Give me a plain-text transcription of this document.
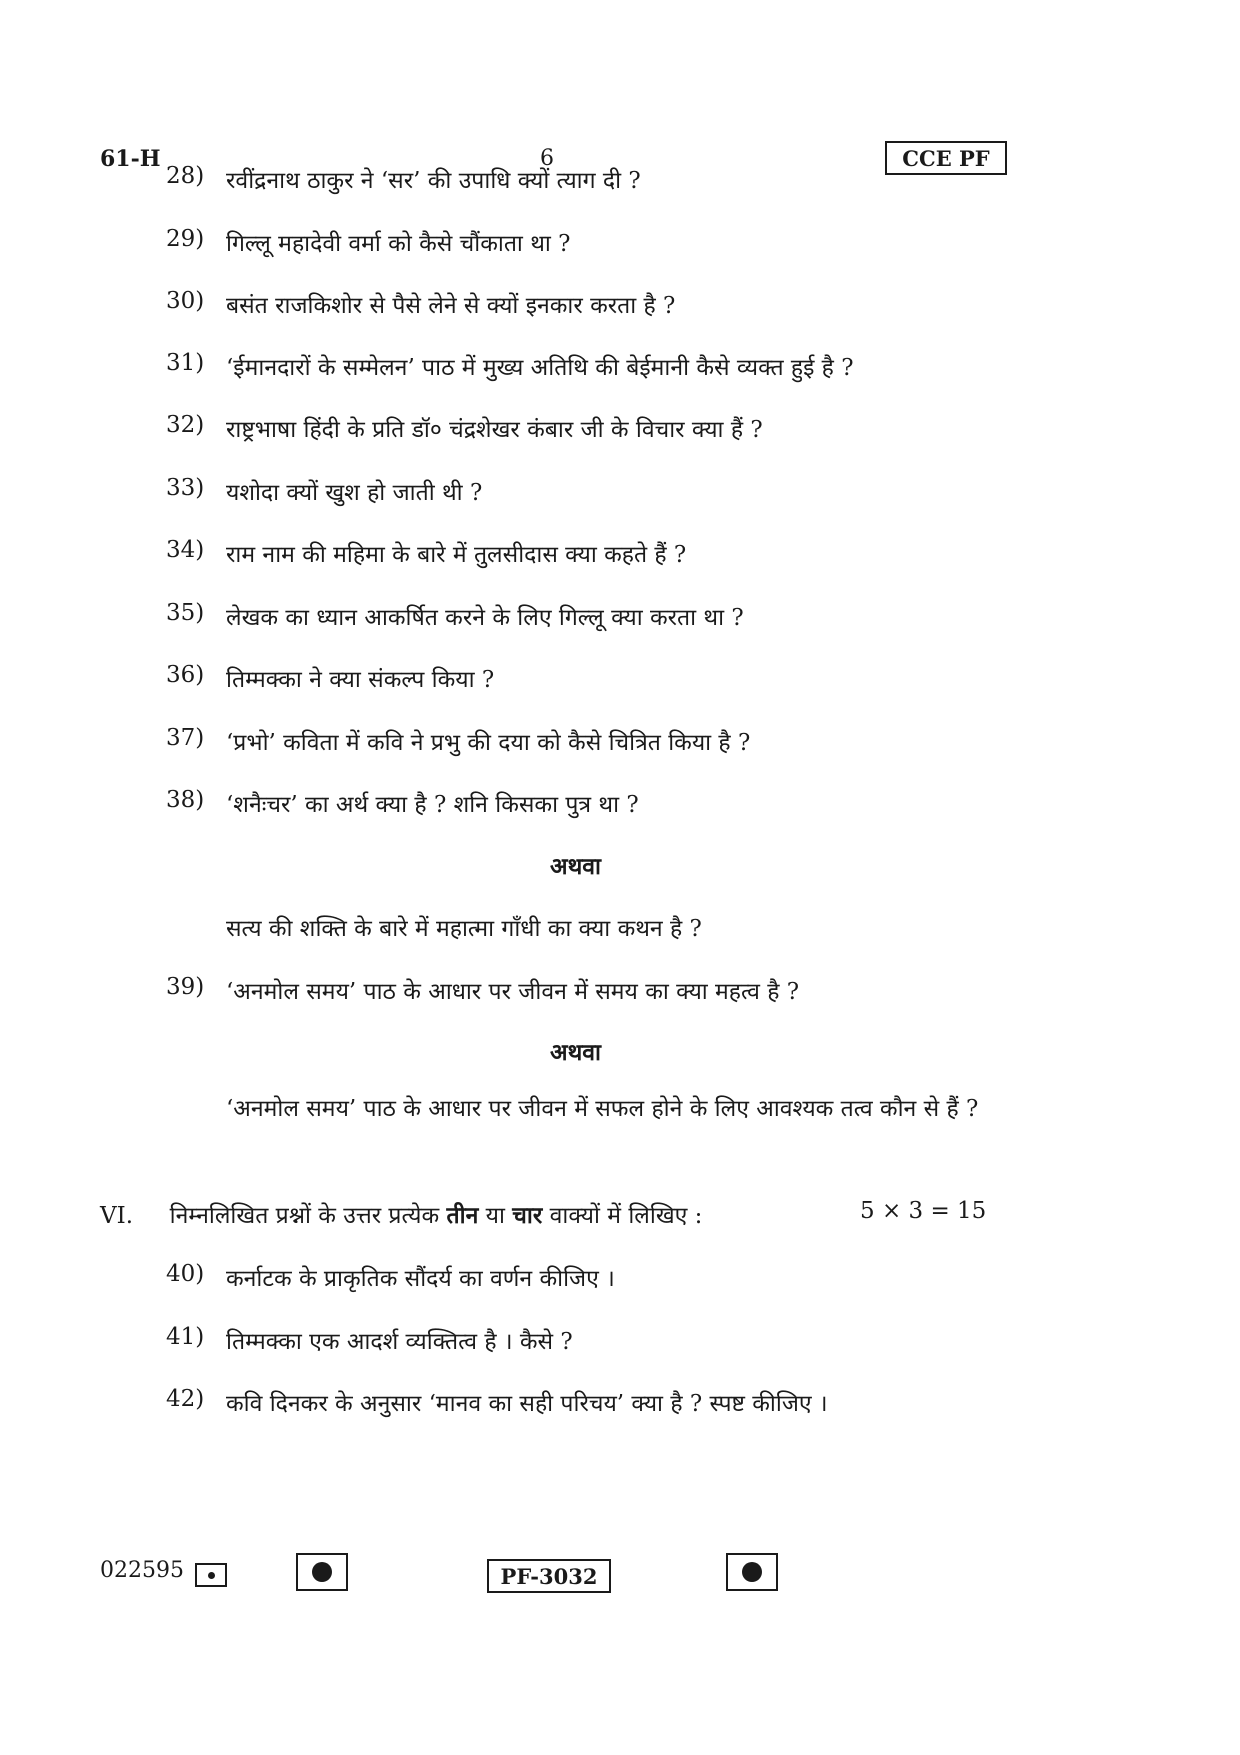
61-H	6	CCE PF
28) रवींद्रनाथ ठाकुर ने ‘सर’ की उपाधि क्यों त्याग दी ?
29) गिल्लू महादेवी वर्मा को कैसे चौंकाता था ?
30) बसंत राजकिशोर से पैसे लेने से क्यों इनकार करता है ?
31) ‘ईमानदारों के सम्मेलन’ पाठ में मुख्य अतिथि की बेईमानी कैसे व्यक्त हुई है ?
32) राष्ट्रभाषा हिंदी के प्रति डॉ० चंद्रशेखर कंबार जी के विचार क्या हैं ?
33) यशोदा क्यों खुश हो जाती थी ?
34) राम नाम की महिमा के बारे में तुलसीदास क्या कहते हैं ?
35) लेखक का ध्यान आकर्षित करने के लिए गिल्लू क्या करता था ?
36) तिम्मक्का ने क्या संकल्प किया ?
37) ‘प्रभो’ कविता में कवि ने प्रभु की दया को कैसे चित्रित किया है ?
38) ‘शनैःचर’ का अर्थ क्या है ? शनि किसका पुत्र था ?
अथवा
सत्य की शक्ति के बारे में महात्मा गाँधी का क्या कथन है ?
39) ‘अनमोल समय’ पाठ के आधार पर जीवन में समय का क्या महत्व है ?
अथवा
‘अनमोल समय’ पाठ के आधार पर जीवन में सफल होने के लिए आवश्यक तत्व कौन से हैं ?
VI. निम्नलिखित प्रश्नों के उत्तर प्रत्येक तीन या चार वाक्यों में लिखिए :	5 × 3 = 15
40) कर्नाटक के प्राकृतिक सौंदर्य का वर्णन कीजिए ।
41) तिम्मक्का एक आदर्श व्यक्तित्व है । कैसे ?
42) कवि दिनकर के अनुसार ‘मानव का सही परिचय’ क्या है ? स्पष्ट कीजिए ।
022595	PF-3032
